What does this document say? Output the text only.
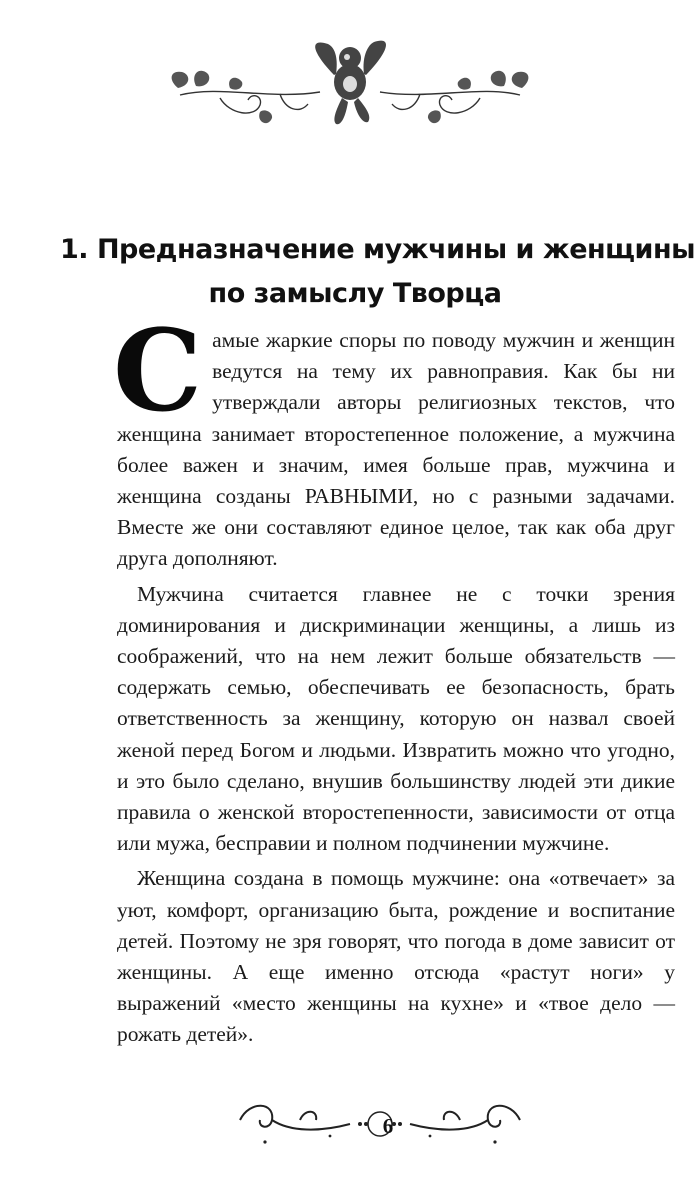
1. Предназначение мужчины и женщины
по замыслу Творца

Самые жаркие споры по поводу мужчин и женщин ведутся на тему их равноправия. Как бы ни утверждали авторы религиозных текстов, что женщина занимает второстепенное положение, а мужчина более важен и значим, имея больше прав, мужчина и женщина созданы РАВНЫМИ, но с разными задачами. Вместе же они составляют единое целое, так как оба друг друга дополняют.

Мужчина считается главнее не с точки зрения доминирования и дискриминации женщины, а лишь из соображений, что на нем лежит больше обязательств — содержать семью, обеспечивать ее безопасность, брать ответственность за женщину, которую он назвал своей женой перед Богом и людьми. Извратить можно что угодно, и это было сделано, внушив большинству людей эти дикие правила о женской второстепенности, зависимости от отца или мужа, бесправии и полном подчинении мужчине.

Женщина создана в помощь мужчине: она «отвечает» за уют, комфорт, организацию быта, рождение и воспитание детей. Поэтому не зря говорят, что погода в доме зависит от женщины. А еще именно отсюда «растут ноги» у выражений «место женщины на кухне» и «твое дело — рожать детей».

6
